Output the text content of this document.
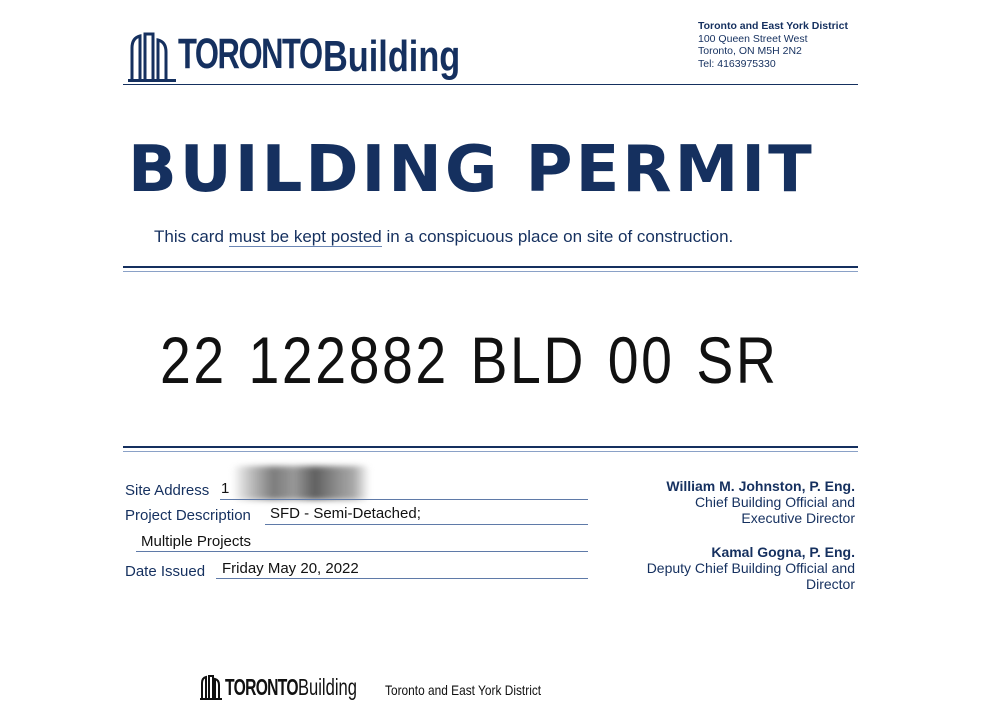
TORONTO Building
Toronto and East York District
100 Queen Street West
Toronto, ON M5H 2N2
Tel: 4163975330
BUILDING PERMIT
This card must be kept posted in a conspicuous place on site of construction.
22 122882 BLD 00 SR
Site Address 1
Project Description SFD - Semi-Detached;
Multiple Projects
Date Issued Friday May 20, 2022
William M. Johnston, P. Eng.
Chief Building Official and
Executive Director
Kamal Gogna, P. Eng.
Deputy Chief Building Official and
Director
TORONTO Building Toronto and East York District
